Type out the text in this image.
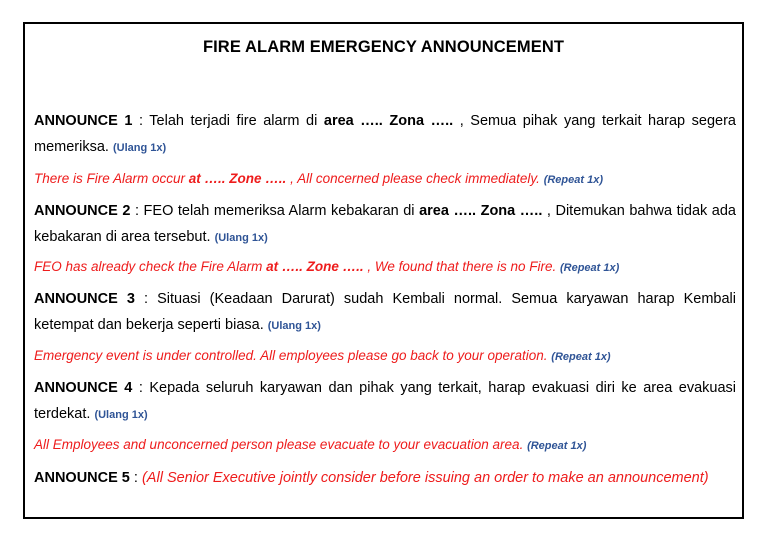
FIRE ALARM EMERGENCY ANNOUNCEMENT
ANNOUNCE 1 : Telah terjadi fire alarm di area ….. Zona ….. , Semua pihak yang terkait harap segera memeriksa. (Ulang 1x)
There is Fire Alarm occur at ….. Zone ….. , All concerned please check immediately. (Repeat 1x)
ANNOUNCE 2 : FEO telah memeriksa Alarm kebakaran di area ….. Zona ….. , Ditemukan bahwa tidak ada kebakaran di area tersebut. (Ulang 1x)
FEO has already check the Fire Alarm at ….. Zone ….. , We found that there is no Fire. (Repeat 1x)
ANNOUNCE 3 : Situasi (Keadaan Darurat) sudah Kembali normal. Semua karyawan harap Kembali ketempat dan bekerja seperti biasa. (Ulang 1x)
Emergency event is under controlled. All employees please go back to your operation. (Repeat 1x)
ANNOUNCE 4 : Kepada seluruh karyawan dan pihak yang terkait, harap evakuasi diri ke area evakuasi terdekat. (Ulang 1x)
All Employees and unconcerned person please evacuate to your evacuation area. (Repeat 1x)
ANNOUNCE 5 : (All Senior Executive jointly consider before issuing an order to make an announcement)
